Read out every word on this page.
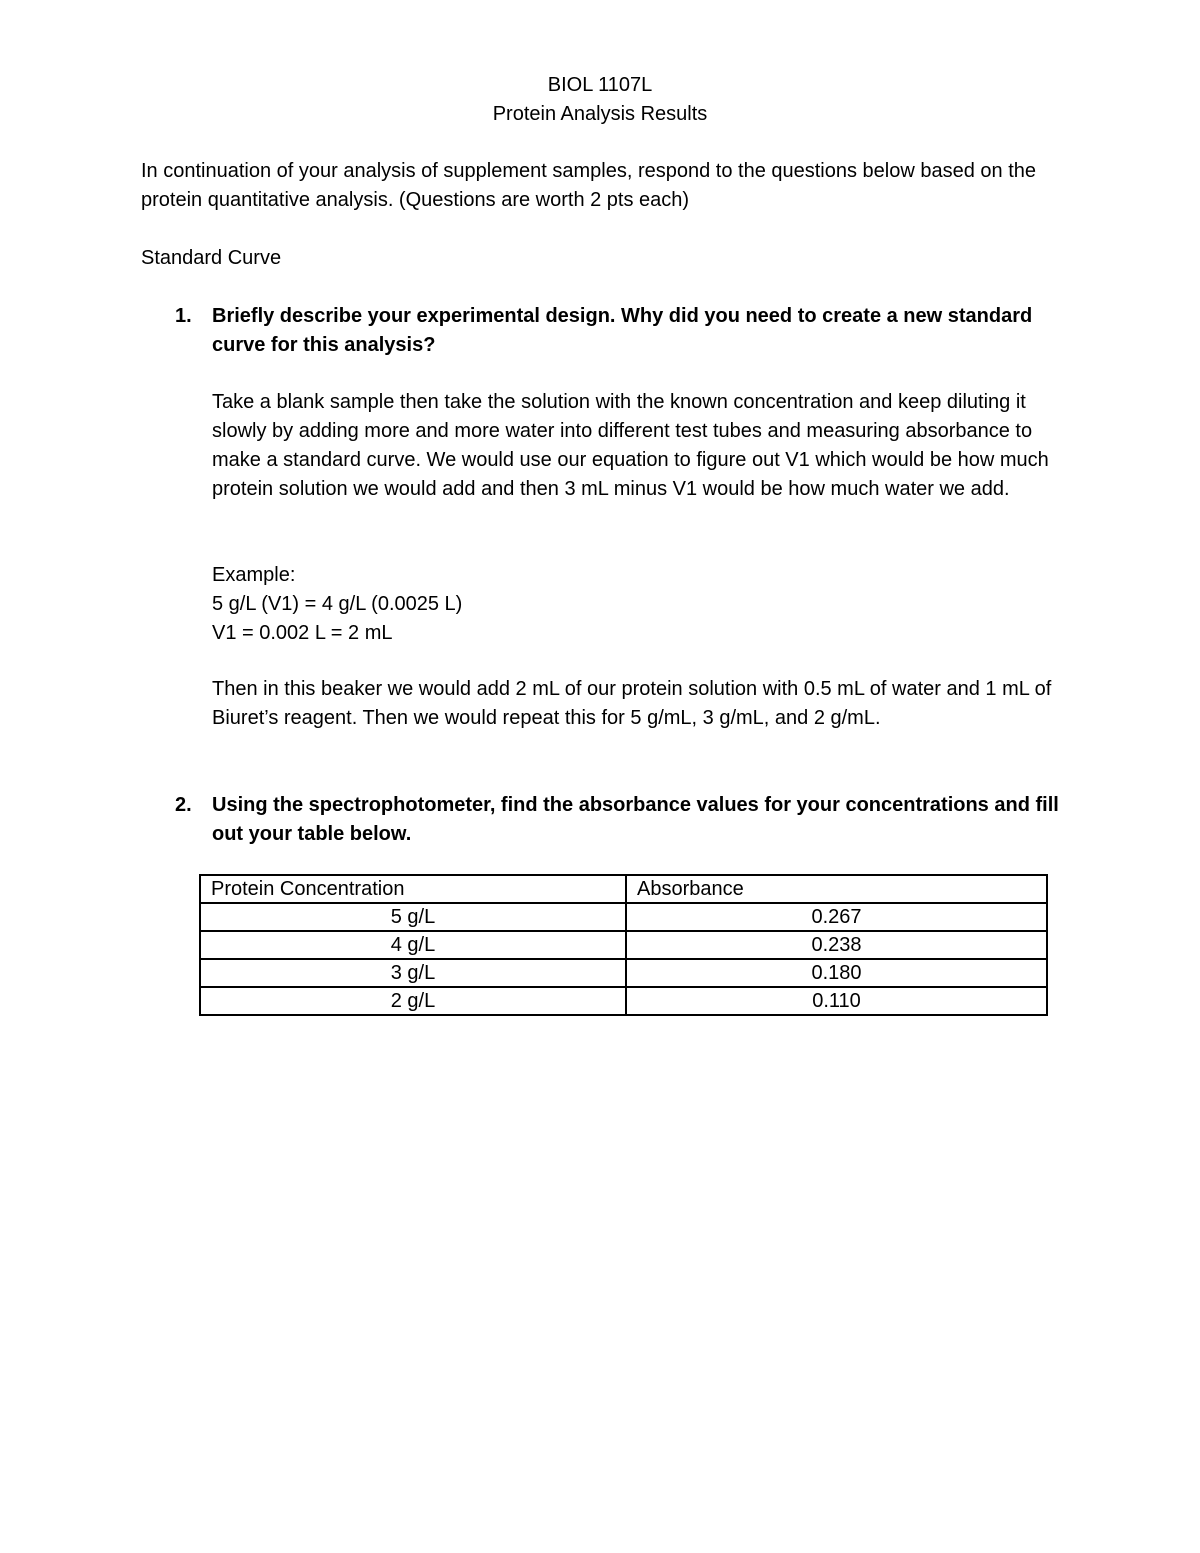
BIOL 1107L
Protein Analysis Results
In continuation of your analysis of supplement samples, respond to the questions below based on the protein quantitative analysis. (Questions are worth 2 pts each)
Standard Curve
1. Briefly describe your experimental design. Why did you need to create a new standard curve for this analysis?

Take a blank sample then take the solution with the known concentration and keep diluting it slowly by adding more and more water into different test tubes and measuring absorbance to make a standard curve. We would use our equation to figure out V1 which would be how much protein solution we would add and then 3 mL minus V1 would be how much water we add.

Example:

5 g/L (V1) = 4 g/L (0.0025 L)

V1 = 0.002 L = 2 mL

Then in this beaker we would add 2 mL of our protein solution with 0.5 mL of water and 1 mL of Biuret’s reagent. Then we would repeat this for 5 g/mL, 3 g/mL, and 2 g/mL.

2. Using the spectrophotometer, find the absorbance values for your concentrations and fill out your table below.
Protein Concentration	Absorbance
5 g/L	0.267
4 g/L	0.238
3 g/L	0.180
2 g/L	0.110
